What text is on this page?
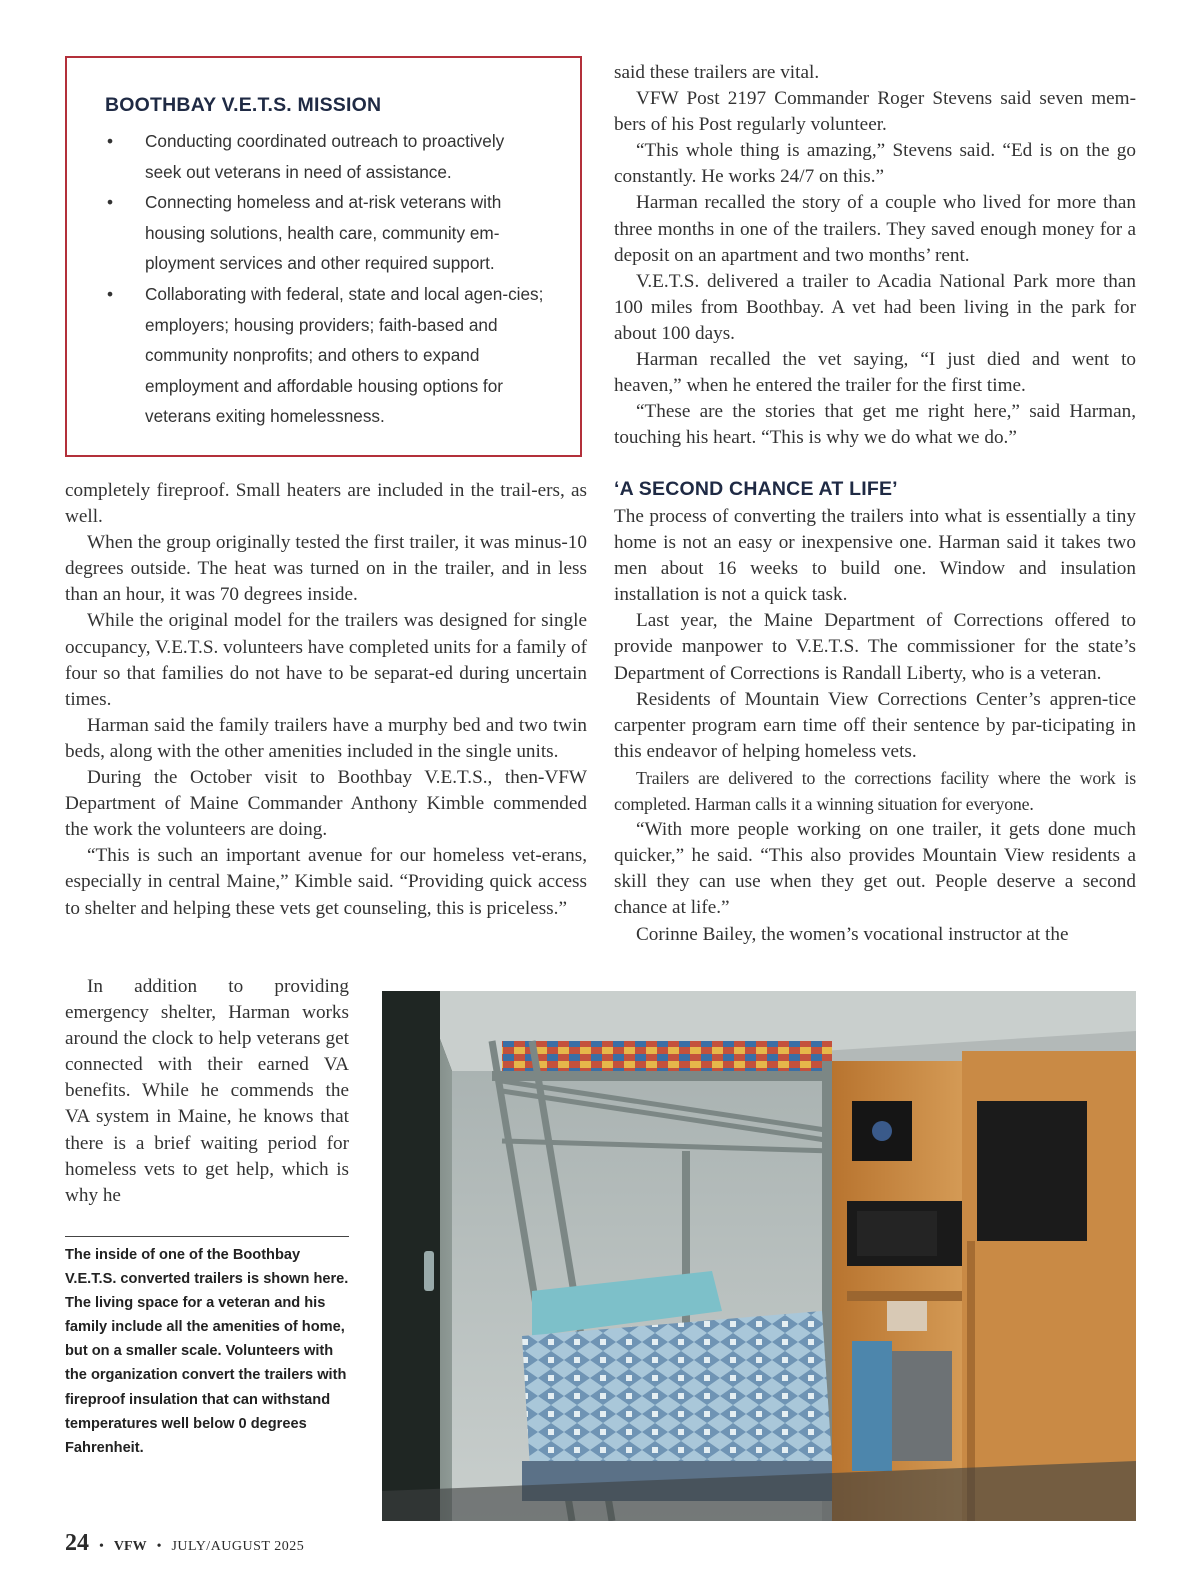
BOOTHBAY V.E.T.S. MISSION
• Conducting coordinated outreach to proactively seek out veterans in need of assistance.
• Connecting homeless and at-risk veterans with housing solutions, health care, community em-ployment services and other required support.
• Collaborating with federal, state and local agen-cies; employers; housing providers; faith-based and community nonprofits; and others to expand employment and affordable housing options for veterans exiting homelessness.

said these trailers are vital.

VFW Post 2197 Commander Roger Stevens said seven mem-bers of his Post regularly volunteer.

“This whole thing is amazing,” Stevens said. “Ed is on the go constantly. He works 24/7 on this.”

Harman recalled the story of a couple who lived for more than three months in one of the trailers. They saved enough money for a deposit on an apartment and two months’ rent.

V.E.T.S. delivered a trailer to Acadia National Park more than 100 miles from Boothbay. A vet had been living in the park for about 100 days.

Harman recalled the vet saying, “I just died and went to heaven,” when he entered the trailer for the first time.

“These are the stories that get me right here,” said Harman, touching his heart. “This is why we do what we do.”

‘A SECOND CHANCE AT LIFE’

The process of converting the trailers into what is essentially a tiny home is not an easy or inexpensive one. Harman said it takes two men about 16 weeks to build one. Window and insulation installation is not a quick task.

Last year, the Maine Department of Corrections offered to provide manpower to V.E.T.S. The commissioner for the state’s Department of Corrections is Randall Liberty, who is a veteran.

Residents of Mountain View Corrections Center’s appren-tice carpenter program earn time off their sentence by par-ticipating in this endeavor of helping homeless vets.

Trailers are delivered to the corrections facility where the work is completed. Harman calls it a winning situation for everyone.

“With more people working on one trailer, it gets done much quicker,” he said. “This also provides Mountain View residents a skill they can use when they get out. People deserve a second chance at life.”

Corinne Bailey, the women’s vocational instructor at the

completely fireproof. Small heaters are included in the trail-ers, as well.

When the group originally tested the first trailer, it was minus-10 degrees outside. The heat was turned on in the trailer, and in less than an hour, it was 70 degrees inside.

While the original model for the trailers was designed for single occupancy, V.E.T.S. volunteers have completed units for a family of four so that families do not have to be separat-ed during uncertain times.

Harman said the family trailers have a murphy bed and two twin beds, along with the other amenities included in the single units.

During the October visit to Boothbay V.E.T.S., then-VFW Department of Maine Commander Anthony Kimble commended the work the volunteers are doing.

“This is such an important avenue for our homeless vet-erans, especially in central Maine,” Kimble said. “Providing quick access to shelter and helping these vets get counseling, this is priceless.”

In addition to providing emergency shelter, Harman works around the clock to help veterans get connected with their earned VA benefits. While he commends the VA system in Maine, he knows that there is a brief waiting period for homeless vets to get help, which is why he

The inside of one of the Boothbay V.E.T.S. converted trailers is shown here. The living space for a veteran and his family include all the amenities of home, but on a smaller scale. Volunteers with the organization convert the trailers with fireproof insulation that can withstand temperatures well below 0 degrees Fahrenheit.

24 • VFW • JULY/AUGUST 2025
